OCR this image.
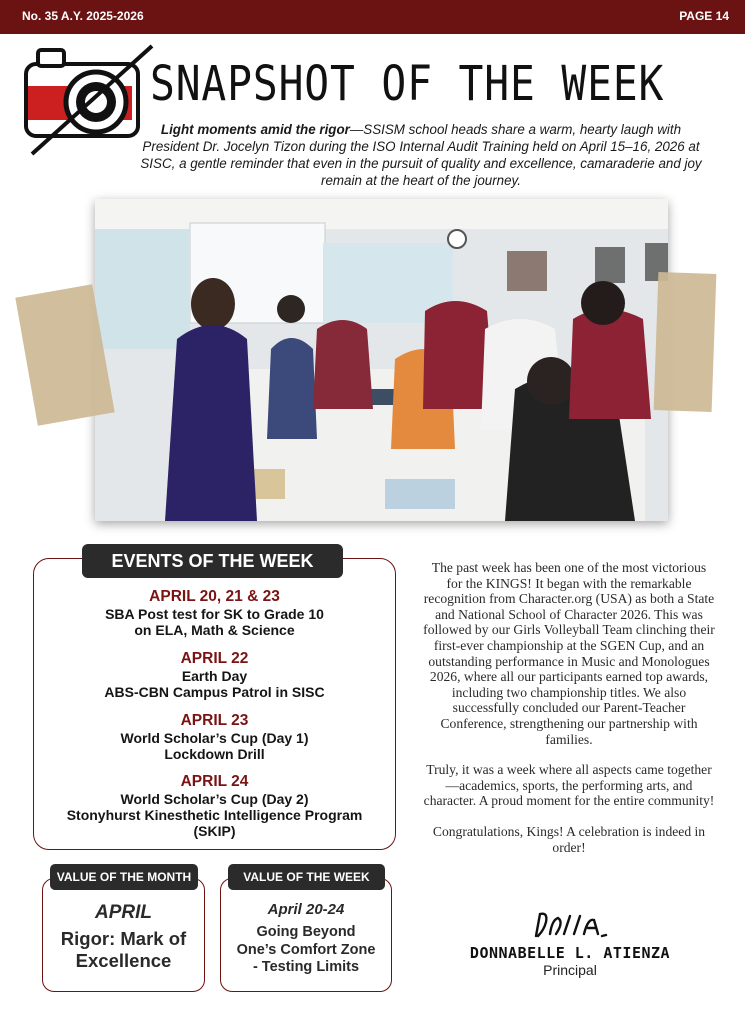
No. 35 A.Y. 2025-2026	PAGE 14
SNAPSHOT OF THE WEEK
Light moments amid the rigor—SSISM school heads share a warm, hearty laugh with President Dr. Jocelyn Tizon during the ISO Internal Audit Training held on April 15–16, 2026 at SISC, a gentle reminder that even in the pursuit of quality and excellence, camaraderie and joy remain at the heart of the journey.
EVENTS OF THE WEEK
APRIL 20, 21 & 23
SBA Post test for SK to Grade 10
on ELA, Math & Science
APRIL 22
Earth Day
ABS-CBN Campus Patrol in SISC
APRIL 23
World Scholar’s Cup (Day 1)
Lockdown Drill
APRIL 24
World Scholar’s Cup (Day 2)
Stonyhurst Kinesthetic Intelligence Program
(SKIP)
VALUE OF THE MONTH
APRIL
Rigor: Mark of
Excellence
VALUE OF THE WEEK
April 20-24
Going Beyond
One’s Comfort Zone
- Testing Limits

The past week has been one of the most victorious for the KINGS! It began with the remarkable recognition from Character.org (USA) as both a State and National School of Character 2026. This was followed by our Girls Volleyball Team clinching their first-ever championship at the SGEN Cup, and an outstanding performance in Music and Monologues 2026, where all our participants earned top awards, including two championship titles. We also successfully concluded our Parent-Teacher Conference, strengthening our partnership with families.

Truly, it was a week where all aspects came together—academics, sports, the performing arts, and character. A proud moment for the entire community!

Congratulations, Kings! A celebration is indeed in order!

DONNABELLE L. ATIENZA
Principal
